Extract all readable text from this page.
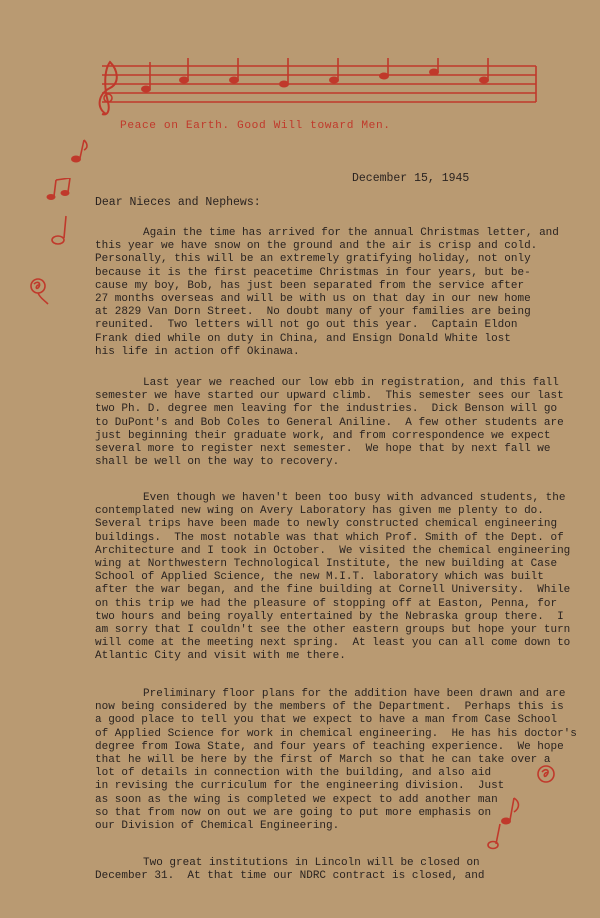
Peace on Earth. Good Will toward Men.
December 15, 1945
Dear Nieces and Nephews:
Again the time has arrived for the annual Christmas letter, and
this year we have snow on the ground and the air is crisp and cold.
Personally, this will be an extremely gratifying holiday, not only
because it is the first peacetime Christmas in four years, but be-
cause my boy, Bob, has just been separated from the service after
27 months overseas and will be with us on that day in our new home
at 2829 Van Dorn Street.  No doubt many of your families are being
reunited.  Two letters will not go out this year.  Captain Eldon
Frank died while on duty in China, and Ensign Donald White lost
his life in action off Okinawa.
Last year we reached our low ebb in registration, and this fall
semester we have started our upward climb.  This semester sees our last
two Ph. D. degree men leaving for the industries.  Dick Benson will go
to DuPont's and Bob Coles to General Aniline.  A few other students are
just beginning their graduate work, and from correspondence we expect
several more to register next semester.  We hope that by next fall we
shall be well on the way to recovery.
Even though we haven't been too busy with advanced students, the
contemplated new wing on Avery Laboratory has given me plenty to do.
Several trips have been made to newly constructed chemical engineering
buildings.  The most notable was that which Prof. Smith of the Dept. of
Architecture and I took in October.  We visited the chemical engineering
wing at Northwestern Technological Institute, the new building at Case
School of Applied Science, the new M.I.T. laboratory which was built
after the war began, and the fine building at Cornell University.  While
on this trip we had the pleasure of stopping off at Easton, Penna, for
two hours and being royally entertained by the Nebraska group there.  I
am sorry that I couldn't see the other eastern groups but hope your turn
will come at the meeting next spring.  At least you can all come down to
Atlantic City and visit with me there.
Preliminary floor plans for the addition have been drawn and are
now being considered by the members of the Department.  Perhaps this is
a good place to tell you that we expect to have a man from Case School
of Applied Science for work in chemical engineering.  He has his doctor's
degree from Iowa State, and four years of teaching experience.  We hope
that he will be here by the first of March so that he can take over a
lot of details in connection with the building, and also aid
in revising the curriculum for the engineering division.  Just
as soon as the wing is completed we expect to add another man
so that from now on out we are going to put more emphasis on
our Division of Chemical Engineering.
Two great institutions in Lincoln will be closed on
December 31.  At that time our NDRC contract is closed, and
